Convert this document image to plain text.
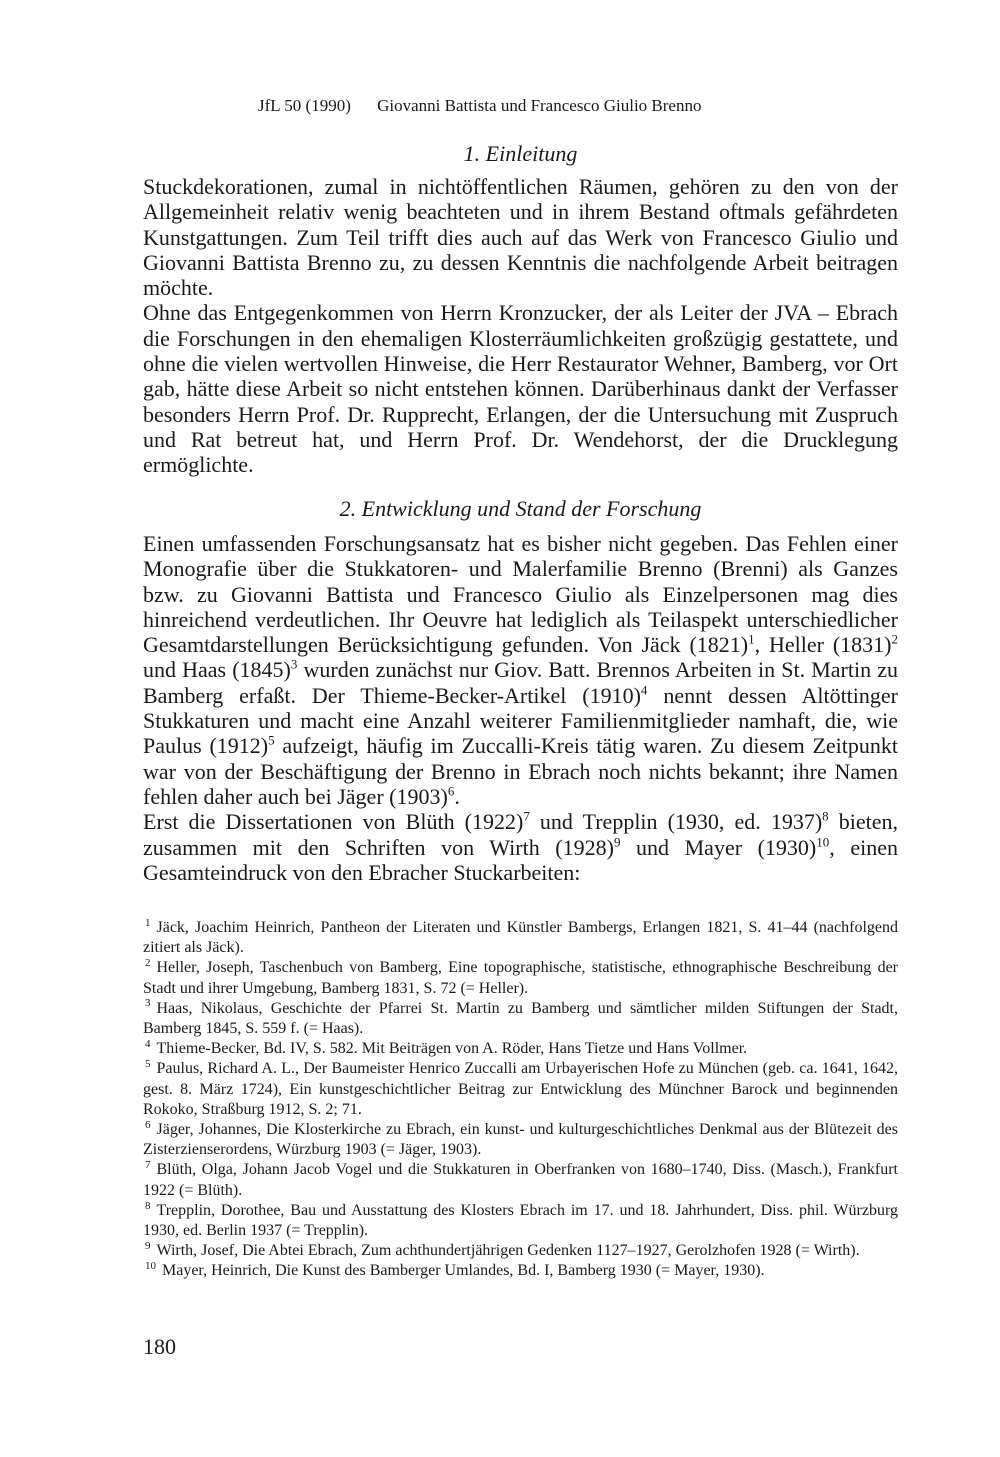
JfL 50 (1990) Giovanni Battista und Francesco Giulio Brenno
1. Einleitung

Stuckdekorationen, zumal in nichtöffentlichen Räumen, gehören zu den von der Allgemeinheit relativ wenig beachteten und in ihrem Bestand oftmals gefährdeten Kunstgattungen. Zum Teil trifft dies auch auf das Werk von Francesco Giulio und Giovanni Battista Brenno zu, zu dessen Kenntnis die nachfolgende Arbeit beitragen möchte.

Ohne das Entgegenkommen von Herrn Kronzucker, der als Leiter der JVA – Ebrach die Forschungen in den ehemaligen Klosterräumlichkeiten großzügig gestattete, und ohne die vielen wertvollen Hinweise, die Herr Restaurator Wehner, Bamberg, vor Ort gab, hätte diese Arbeit so nicht entstehen können. Darüberhinaus dankt der Verfasser besonders Herrn Prof. Dr. Rupprecht, Erlangen, der die Untersuchung mit Zuspruch und Rat betreut hat, und Herrn Prof. Dr. Wendehorst, der die Drucklegung ermöglichte.

2. Entwicklung und Stand der Forschung

Einen umfassenden Forschungsansatz hat es bisher nicht gegeben. Das Fehlen einer Monografie über die Stukkatoren- und Malerfamilie Brenno (Brenni) als Ganzes bzw. zu Giovanni Battista und Francesco Giulio als Einzelpersonen mag dies hinreichend verdeutlichen. Ihr Oeuvre hat lediglich als Teilaspekt unterschiedlicher Gesamtdarstellungen Berücksichtigung gefunden. Von Jäck $(1821)^1$, Heller $(1831)^2$ und Haas $(1845)^3$ wurden zunächst nur Giov. Batt. Brennos Arbeiten in St. Martin zu Bamberg erfaßt. Der Thieme-Becker-Artikel $(1910)^4$ nennt dessen Altöttinger Stukkaturen und macht eine Anzahl weiterer Familienmitglieder namhaft, die, wie Paulus $(1912)^5$ aufzeigt, häufig im Zuccalli-Kreis tätig waren. Zu diesem Zeitpunkt war von der Beschäftigung der Brenno in Ebrach noch nichts bekannt; ihre Namen fehlen daher auch bei Jäger $(1903)^6$.

Erst die Dissertationen von Blüth $(1922)^7$ und Trepplin (1930, ed. 1937)$^8$ bieten, zusammen mit den Schriften von Wirth $(1928)^9$ und Mayer $(1930)^{10}$, einen Gesamteindruck von den Ebracher Stuckarbeiten:

$^1$ Jäck, Joachim Heinrich, Pantheon der Literaten und Künstler Bambergs, Erlangen 1821, S. 41–44 (nachfolgend zitiert als Jäck).

$^2$ Heller, Joseph, Taschenbuch von Bamberg, Eine topographische, statistische, ethnographische Beschreibung der Stadt und ihrer Umgebung, Bamberg 1831, S. 72 (= Heller).

$^3$ Haas, Nikolaus, Geschichte der Pfarrei St. Martin zu Bamberg und sämtlicher milden Stiftungen der Stadt, Bamberg 1845, S. 559 f. (= Haas).

$^4$ Thieme-Becker, Bd. IV, S. 582. Mit Beiträgen von A. Röder, Hans Tietze und Hans Vollmer.

$^5$ Paulus, Richard A. L., Der Baumeister Henrico Zuccalli am Urbayerischen Hofe zu München (geb. ca. 1641, 1642, gest. 8. März 1724), Ein kunstgeschichtlicher Beitrag zur Entwicklung des Münchner Barock und beginnenden Rokoko, Straßburg 1912, S. 2; 71.

$^6$ Jäger, Johannes, Die Klosterkirche zu Ebrach, ein kunst- und kulturgeschichtliches Denkmal aus der Blütezeit des Zisterzienserordens, Würzburg 1903 (= Jäger, 1903).

$^7$ Blüth, Olga, Johann Jacob Vogel und die Stukkaturen in Oberfranken von 1680–1740, Diss. (Masch.), Frankfurt 1922 (= Blüth).

$^8$ Trepplin, Dorothee, Bau und Ausstattung des Klosters Ebrach im 17. und 18. Jahrhundert, Diss. phil. Würzburg 1930, ed. Berlin 1937 (= Trepplin).

$^9$ Wirth, Josef, Die Abtei Ebrach, Zum achthundertjährigen Gedenken 1127–1927, Gerolzhofen 1928 (= Wirth).

$^{10}$ Mayer, Heinrich, Die Kunst des Bamberger Umlandes, Bd. I, Bamberg 1930 (= Mayer, 1930).

180
